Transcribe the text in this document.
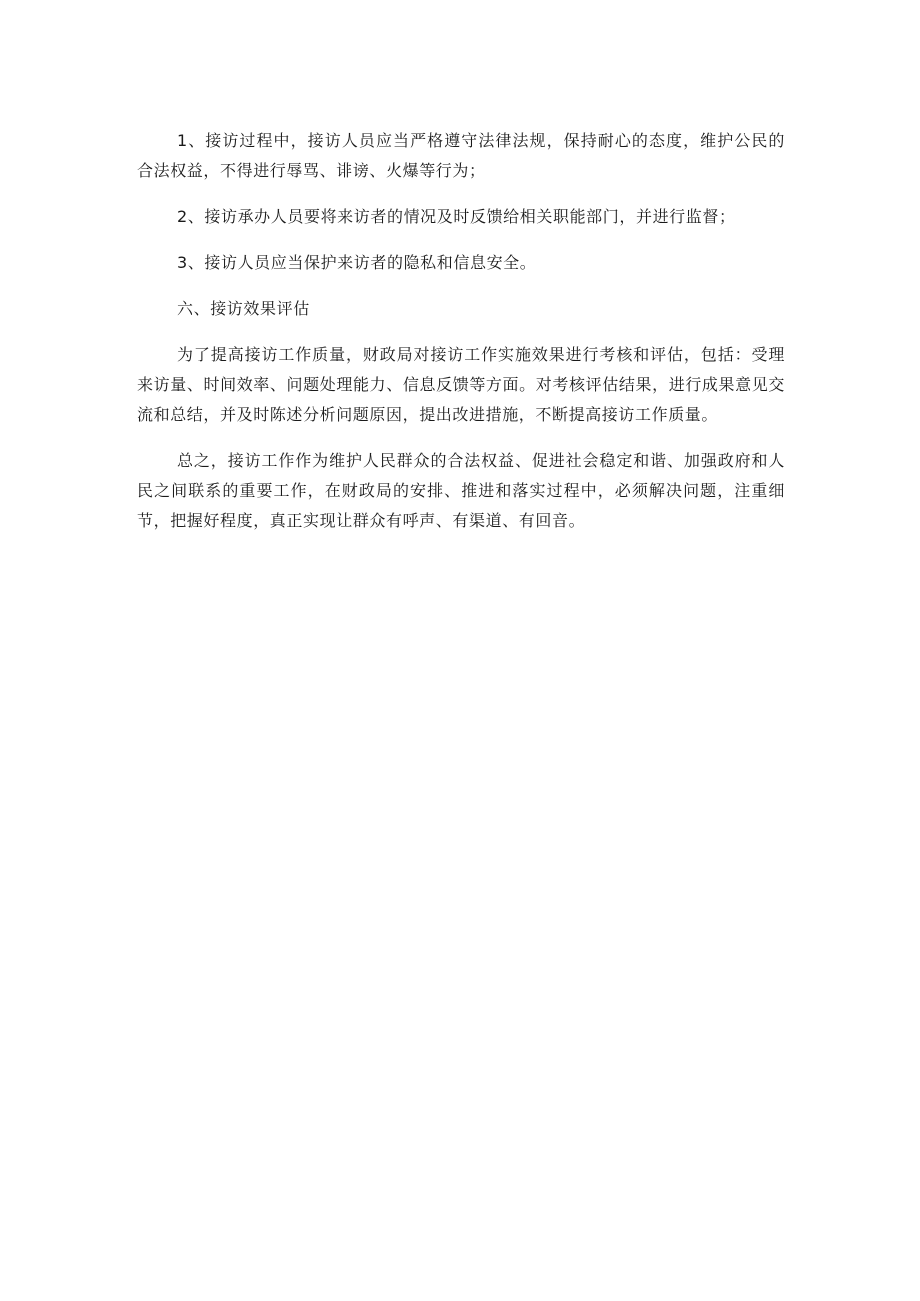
1、接访过程中，接访人员应当严格遵守法律法规，保持耐心的态度，维护公民的合法权益，不得进行辱骂、诽谤、火爆等行为；

2、接访承办人员要将来访者的情况及时反馈给相关职能部门，并进行监督；

3、接访人员应当保护来访者的隐私和信息安全。

六、接访效果评估

为了提高接访工作质量，财政局对接访工作实施效果进行考核和评估，包括：受理来访量、时间效率、问题处理能力、信息反馈等方面。对考核评估结果，进行成果意见交流和总结，并及时陈述分析问题原因，提出改进措施，不断提高接访工作质量。

总之，接访工作作为维护人民群众的合法权益、促进社会稳定和谐、加强政府和人民之间联系的重要工作，在财政局的安排、推进和落实过程中，必须解决问题，注重细节，把握好程度，真正实现让群众有呼声、有渠道、有回音。
